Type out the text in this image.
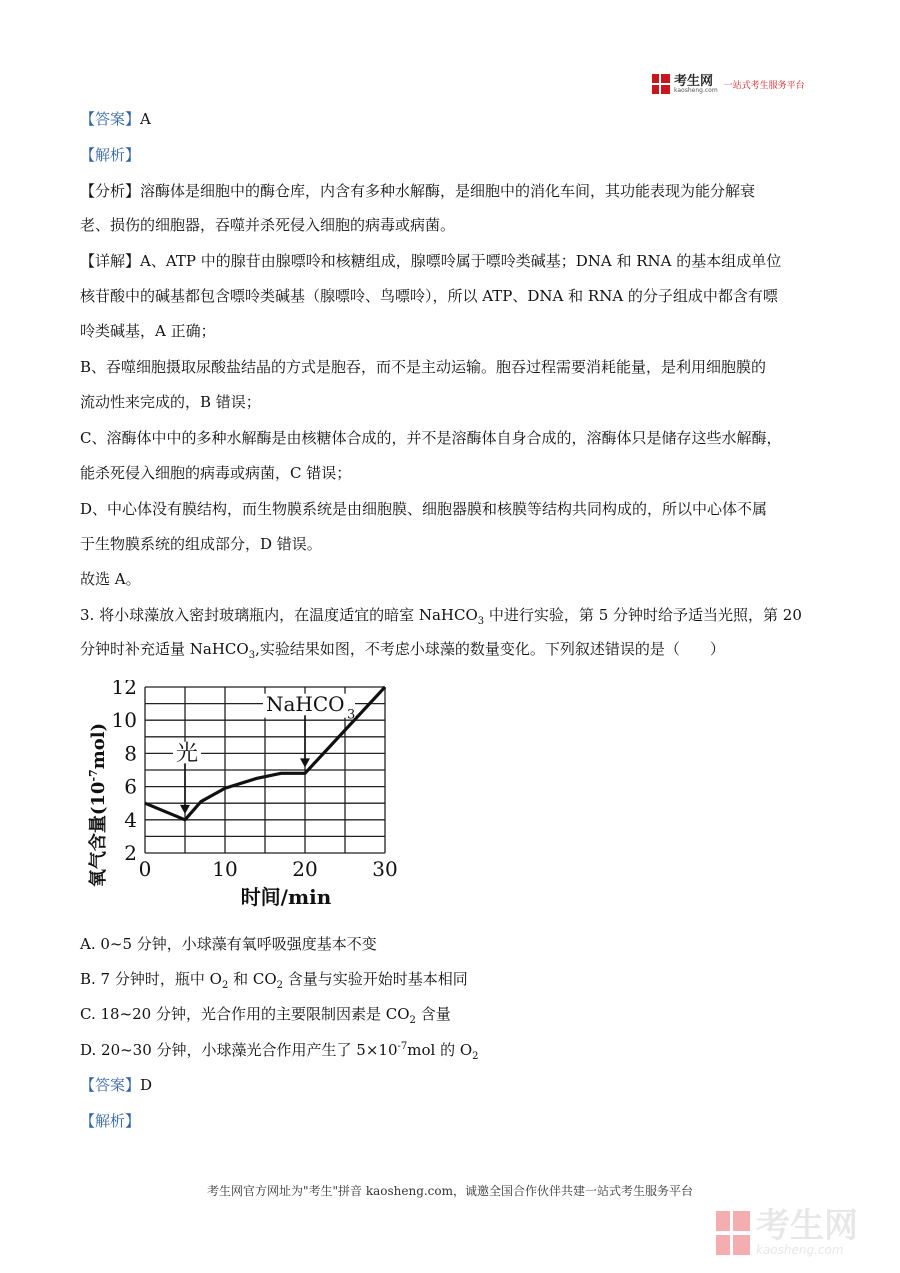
考生网
kaosheng.com 一站式考生服务平台
【答案】A
【解析】
【分析】溶酶体是细胞中的酶仓库，内含有多种水解酶，是细胞中的消化车间，其功能表现为能分解衰
老、损伤的细胞器，吞噬并杀死侵入细胞的病毒或病菌。
【详解】A、ATP 中的腺苷由腺嘌呤和核糖组成，腺嘌呤属于嘌呤类碱基；DNA 和 RNA 的基本组成单位
核苷酸中的碱基都包含嘌呤类碱基（腺嘌呤、鸟嘌呤），所以 ATP、DNA 和 RNA 的分子组成中都含有嘌
呤类碱基，A 正确；
B、吞噬细胞摄取尿酸盐结晶的方式是胞吞，而不是主动运输。胞吞过程需要消耗能量，是利用细胞膜的
流动性来完成的，B 错误；
C、溶酶体中中的多种水解酶是由核糖体合成的，并不是溶酶体自身合成的，溶酶体只是储存这些水解酶，
能杀死侵入细胞的病毒或病菌，C 错误；
D、中心体没有膜结构，而生物膜系统是由细胞膜、细胞器膜和核膜等结构共同构成的，所以中心体不属
于生物膜系统的组成部分，D 错误。
故选 A。
3. 将小球藻放入密封玻璃瓶内，在温度适宜的暗室 NaHCO$_3$ 中进行实验，第 5 分钟时给予适当光照，第 20
分钟时补充适量 NaHCO$_3$,实验结果如图，不考虑小球藻的数量变化。下列叙述错误的是（　　）
2
4
6
8
10
12
0	10	20	30
光
NaHCO 3
氧气含量$(10^{-7}mol)$
时间/min
A. 0~5 分钟，小球藻有氧呼吸强度基本不变
B. 7 分钟时，瓶中 $O_2$ 和 $CO_2$ 含量与实验开始时基本相同
C. 18~20 分钟，光合作用的主要限制因素是 $CO_2$ 含量
D. 20~30 分钟，小球藻光合作用产生了 $5\times 10^{-7}mol$ 的 $O_2$
【答案】D
【解析】
考生网官方网址为"考生"拼音 kaosheng.com，诚邀全国合作伙伴共建一站式考生服务平台
考生网
kaosheng.com
